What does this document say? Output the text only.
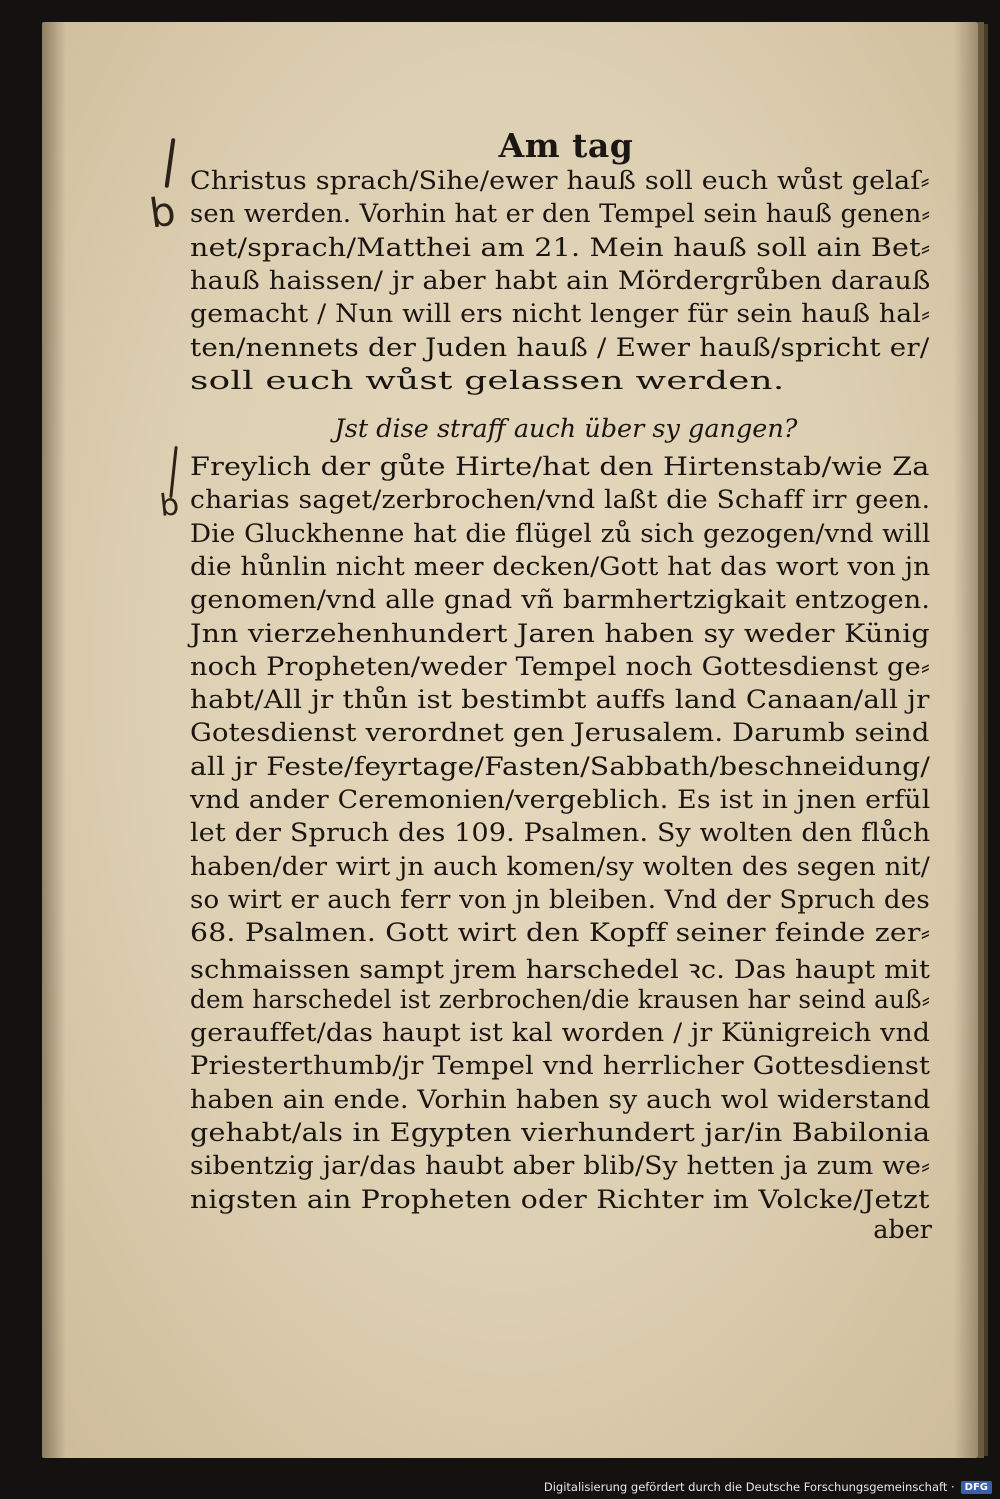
b
b
Am tag
Christus sprach/Sihe/ewer hauß soll euch wůst gelaſ⸗
sen werden. Vorhin hat er den Tempel sein hauß genen⸗
net/sprach/Matthei am 21. Mein hauß soll ain Bet⸗
hauß haissen/ jr aber habt ain Mördergrůben darauß
gemacht / Nun will ers nicht lenger für sein hauß hal⸗
ten/nennets der Juden hauß / Ewer hauß/spricht er/
soll euch wůst gelassen werden.
Jst dise straff auch über sy gangen?
Freylich der gůte Hirte/hat den Hirtenstab/wie Za
charias saget/zerbrochen/vnd laßt die Schaff irr geen.
Die Gluckhenne hat die flügel zů sich gezogen/vnd will
die hůnlin nicht meer decken/Gott hat das wort von jn
genomen/vnd alle gnad vñ barmhertzigkait entzogen.
Jnn vierzehenhundert Jaren haben sy weder Künig
noch Propheten/weder Tempel noch Gottesdienst ge⸗
habt/All jr thůn ist bestimbt auffs land Canaan/all jr
Gotesdienst verordnet gen Jerusalem. Darumb seind
all jr Feste/feyrtage/Fasten/Sabbath/beschneidung/
vnd ander Ceremonien/vergeblich. Es ist in jnen erfül
let der Spruch des 109. Psalmen. Sy wolten den flůch
haben/der wirt jn auch komen/sy wolten des segen nit/
so wirt er auch ferr von jn bleiben. Vnd der Spruch des
68. Psalmen. Gott wirt den Kopff seiner feinde zer⸗
schmaissen sampt jrem harschedel ꝛc. Das haupt mit
dem harschedel ist zerbrochen/die krausen har seind auß⸗
gerauffet/das haupt ist kal worden / jr Künigreich vnd
Priesterthumb/jr Tempel vnd herrlicher Gottesdienst
haben ain ende. Vorhin haben sy auch wol widerstand
gehabt/als in Egypten vierhundert jar/in Babilonia
sibentzig jar/das haubt aber blib/Sy hetten ja zum we⸗
nigsten ain Propheten oder Richter im Volcke/Jetzt
aber
Digitalisierung gefördert durch die Deutsche Forschungsgemeinschaft ·	DFG
